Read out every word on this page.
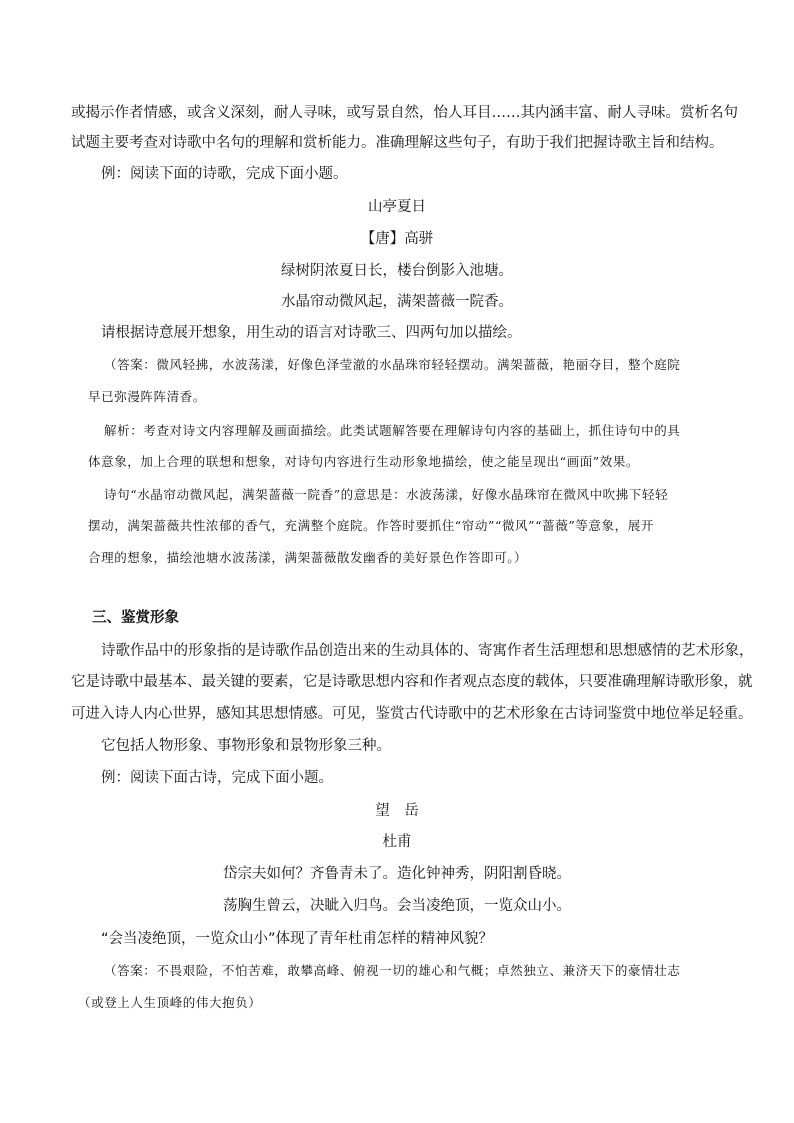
或揭示作者情感，或含义深刻，耐人寻味，或写景自然，怡人耳目……其内涵丰富、耐人寻味。赏析名句
试题主要考查对诗歌中名句的理解和赏析能力。准确理解这些句子，有助于我们把握诗歌主旨和结构。
例：阅读下面的诗歌，完成下面小题。
山亭夏日
【唐】高骈
绿树阴浓夏日长，楼台倒影入池塘。
水晶帘动微风起，满架蔷薇一院香。
请根据诗意展开想象，用生动的语言对诗歌三、四两句加以描绘。
（答案：微风轻拂，水波荡漾，好像色泽莹澈的水晶珠帘轻轻摆动。满架蔷薇，艳丽夺目，整个庭院
早已弥漫阵阵清香。
解析：考查对诗文内容理解及画面描绘。此类试题解答要在理解诗句内容的基础上，抓住诗句中的具
体意象，加上合理的联想和想象，对诗句内容进行生动形象地描绘，使之能呈现出“画面”效果。
诗句“水晶帘动微风起，满架蔷薇一院香”的意思是：水波荡漾，好像水晶珠帘在微风中吹拂下轻轻
摆动，满架蔷薇共性浓郁的香气，充满整个庭院。作答时要抓住“帘动”“微风”“蔷薇”等意象，展开
合理的想象，描绘池塘水波荡漾，满架蔷薇散发幽香的美好景色作答即可。）
三、鉴赏形象
诗歌作品中的形象指的是诗歌作品创造出来的生动具体的、寄寓作者生活理想和思想感情的艺术形象，
它是诗歌中最基本、最关键的要素，它是诗歌思想内容和作者观点态度的载体，只要准确理解诗歌形象，就
可进入诗人内心世界，感知其思想情感。可见，鉴赏古代诗歌中的艺术形象在古诗词鉴赏中地位举足轻重。
它包括人物形象、事物形象和景物形象三种。
例：阅读下面古诗，完成下面小题。
望　岳
杜甫
岱宗夫如何？齐鲁青未了。造化钟神秀，阴阳割昏晓。
荡胸生曾云，决眦入归鸟。会当凌绝顶，一览众山小。
“会当凌绝顶，一览众山小”体现了青年杜甫怎样的精神风貌？
（答案：不畏艰险，不怕苦难，敢攀高峰、俯视一切的雄心和气概；卓然独立、兼济天下的豪情壮志
（或登上人生顶峰的伟大抱负）
